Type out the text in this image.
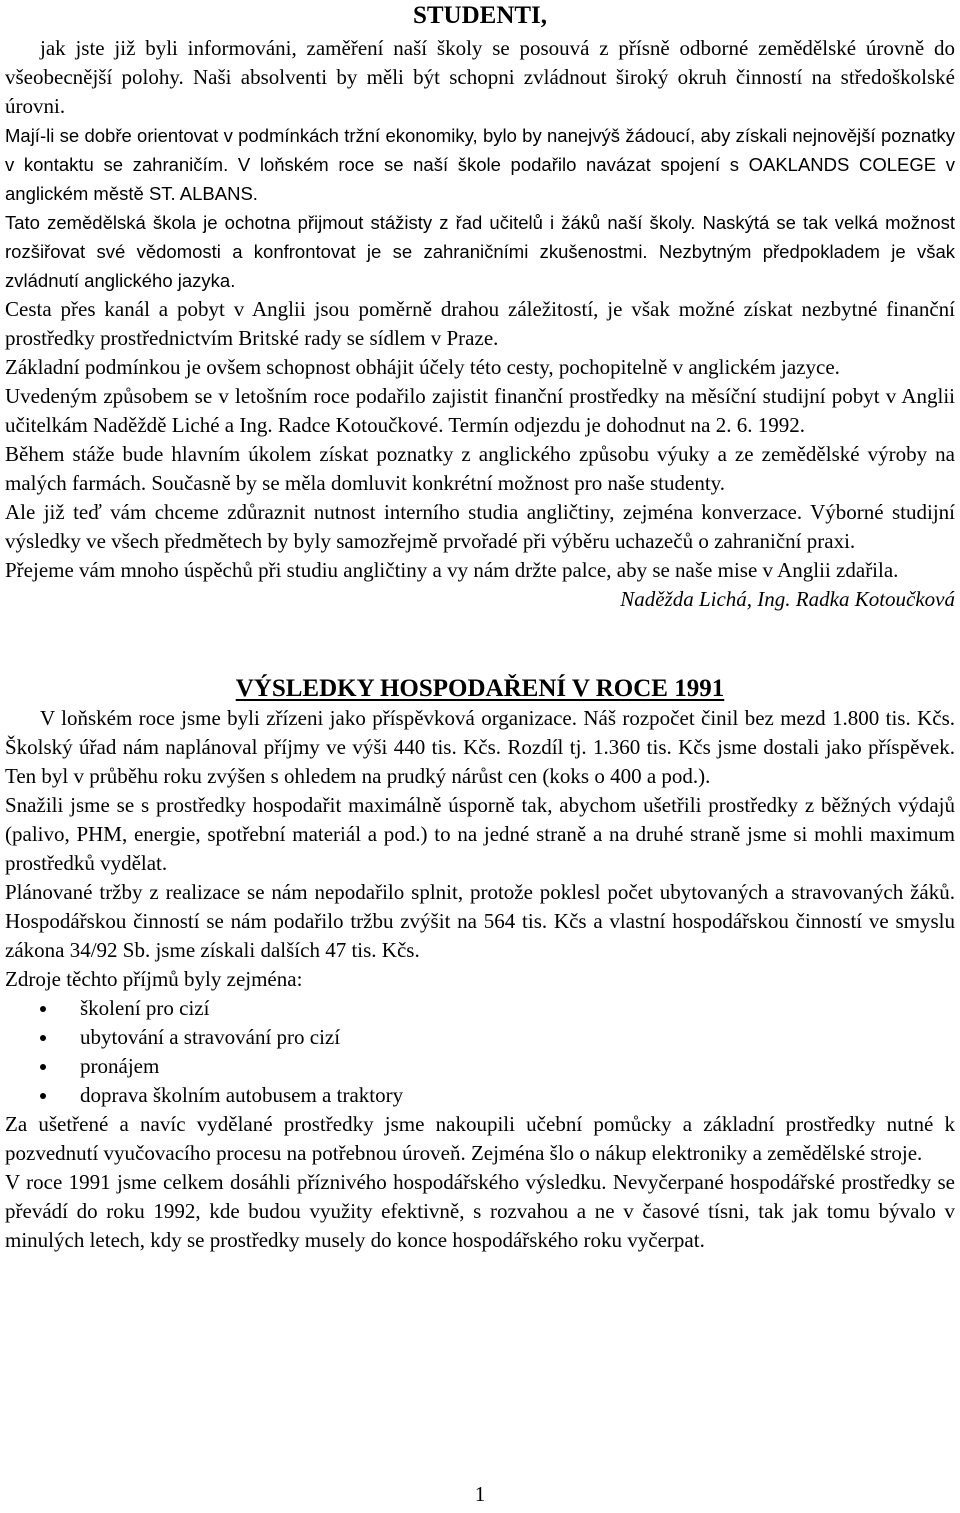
STUDENTI,

jak jste již byli informováni, zaměření naší školy se posouvá z přísně odborné zemědělské úrovně do všeobecnější polohy. Naši absolventi by měli být schopni zvládnout široký okruh činností na středoškolské úrovni.

Mají-li se dobře orientovat v podmínkách tržní ekonomiky, bylo by nanejvýš žádoucí, aby získali nejnovější poznatky v kontaktu se zahraničím. V loňském roce se naší škole podařilo navázat spojení s OAKLANDS COLEGE v anglickém městě ST. ALBANS.

Tato zemědělská škola je ochotna přijmout stážisty z řad učitelů i žáků naší školy. Naskýtá se tak velká možnost rozšiřovat své vědomosti a konfrontovat je se zahraničními zkušenostmi. Nezbytným předpokladem je však zvládnutí anglického jazyka.

Cesta přes kanál a pobyt v Anglii jsou poměrně drahou záležitostí, je však možné získat nezbytné finanční prostředky prostřednictvím Britské rady se sídlem v Praze.

Základní podmínkou je ovšem schopnost obhájit účely této cesty, pochopitelně v anglickém jazyce.

Uvedeným způsobem se v letošním roce podařilo zajistit finanční prostředky na měsíční studijní pobyt v Anglii učitelkám Naděždě Liché a Ing. Radce Kotoučkové. Termín odjezdu je dohodnut na 2. 6. 1992.

Během stáže bude hlavním úkolem získat poznatky z anglického způsobu výuky a ze zemědělské výroby na malých farmách. Současně by se měla domluvit konkrétní možnost pro naše studenty.

Ale již teď vám chceme zdůraznit nutnost interního studia angličtiny, zejména konverzace. Výborné studijní výsledky ve všech předmětech by byly samozřejmě prvořadé při výběru uchazečů o zahraniční praxi.

Přejeme vám mnoho úspěchů při studiu angličtiny a vy nám držte palce, aby se naše mise v Anglii zdařila.

Naděžda Lichá, Ing. Radka Kotoučková

VÝSLEDKY HOSPODAŘENÍ V ROCE 1991

V loňském roce jsme byli zřízeni jako příspěvková organizace. Náš rozpočet činil bez mezd 1.800 tis. Kčs. Školský úřad nám naplánoval příjmy ve výši 440 tis. Kčs. Rozdíl tj. 1.360 tis. Kčs jsme dostali jako příspěvek. Ten byl v průběhu roku zvýšen s ohledem na prudký nárůst cen (koks o 400 a pod.).

Snažili jsme se s prostředky hospodařit maximálně úsporně tak, abychom ušetřili prostředky z běžných výdajů (palivo, PHM, energie, spotřební materiál a pod.) to na jedné straně a na druhé straně jsme si mohli maximum prostředků vydělat.

Plánované tržby z realizace se nám nepodařilo splnit, protože poklesl počet ubytovaných a stravovaných žáků. Hospodářskou činností se nám podařilo tržbu zvýšit na 564 tis. Kčs a vlastní hospodářskou činností ve smyslu zákona 34/92 Sb. jsme získali dalších 47 tis. Kčs.

Zdroje těchto příjmů byly zejména:

školení pro cizí
ubytování a stravování pro cizí
pronájem
doprava školním autobusem a traktory

Za ušetřené a navíc vydělané prostředky jsme nakoupili učební pomůcky a základní prostředky nutné k pozvednutí vyučovacího procesu na potřebnou úroveň. Zejména šlo o nákup elektroniky a zemědělské stroje.

V roce 1991 jsme celkem dosáhli příznivého hospodářského výsledku. Nevyčerpané hospodářské prostředky se převádí do roku 1992, kde budou využity efektivně, s rozvahou a ne v časové tísni, tak jak tomu bývalo v minulých letech, kdy se prostředky musely do konce hospodářského roku vyčerpat.

1
